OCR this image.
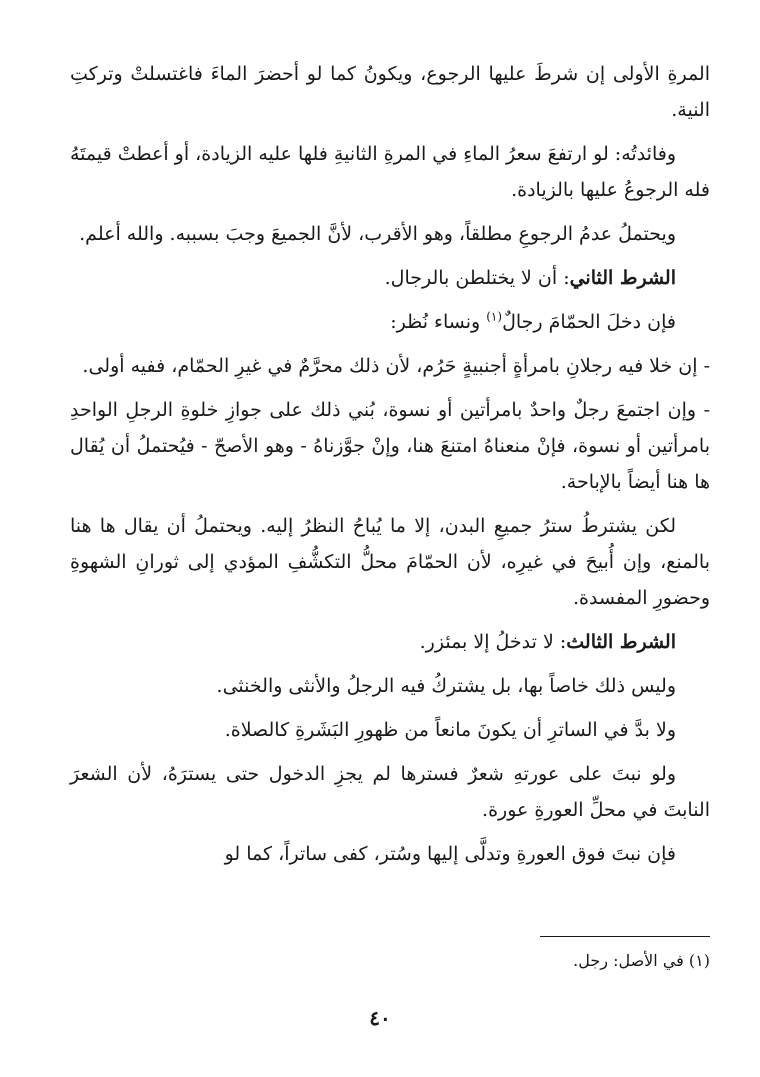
المرةِ الأولى إن شرطَ عليها الرجوع، ويكونُ كما لو أحضرَ الماءَ فاغتسلتْ وتركتِ النية.

وفائدتُه: لو ارتفعَ سعرُ الماءِ في المرةِ الثانيةِ فلها عليه الزيادة، أو أعطتْ قيمتَهُ فله الرجوعُ عليها بالزيادة.

ويحتملُ عدمُ الرجوعِ مطلقاً، وهو الأقرب، لأنَّ الجميعَ وجبَ بسببه. والله أعلم.

الشرط الثاني: أن لا يختلطن بالرجال.

فإن دخلَ الحمّامَ رجالٌ$^{(١)}$ ونساء نُظر:

- إن خلا فيه رجلانِ بامرأةٍ أجنبيةٍ حَرُم، لأن ذلك محرَّمٌ في غيرِ الحمّام، ففيه أولى.

- وإن اجتمعَ رجلٌ واحدٌ بامرأتين أو نسوة، بُني ذلك على جوازِ خلوةِ الرجلِ الواحدِ بامرأتين أو نسوة، فإنْ منعناهُ امتنعَ هنا، وإنْ جوَّزناهُ - وهو الأصحّ - فيُحتملُ أن يُقال ها هنا أيضاً بالإباحة.

لكن يشترطُ سترُ جميعِ البدن، إلا ما يُباحُ النظرُ إليه. ويحتملُ أن يقال ها هنا بالمنع، وإن أُبيحَ في غيرِه، لأن الحمّامَ محلُّ التكشُّفِ المؤدي إلى ثورانِ الشهوةِ وحضورِ المفسدة.

الشرط الثالث: لا تدخلُ إلا بمئزر.

وليس ذلك خاصاً بها، بل يشتركُ فيه الرجلُ والأنثى والخنثى.

ولا بدَّ في الساترِ أن يكونَ مانعاً من ظهورِ البَشَرةِ كالصلاة.

ولو نبتَ على عورتهِ شعرٌ فسترها لم يجزِ الدخول حتى يسترَهُ، لأن الشعرَ النابتَ في محلِّ العورةِ عورة.

فإن نبتَ فوق العورةِ وتدلَّى إليها وسُتر، كفى ساتراً، كما لو

(١) في الأصل: رجل.
٤٠
